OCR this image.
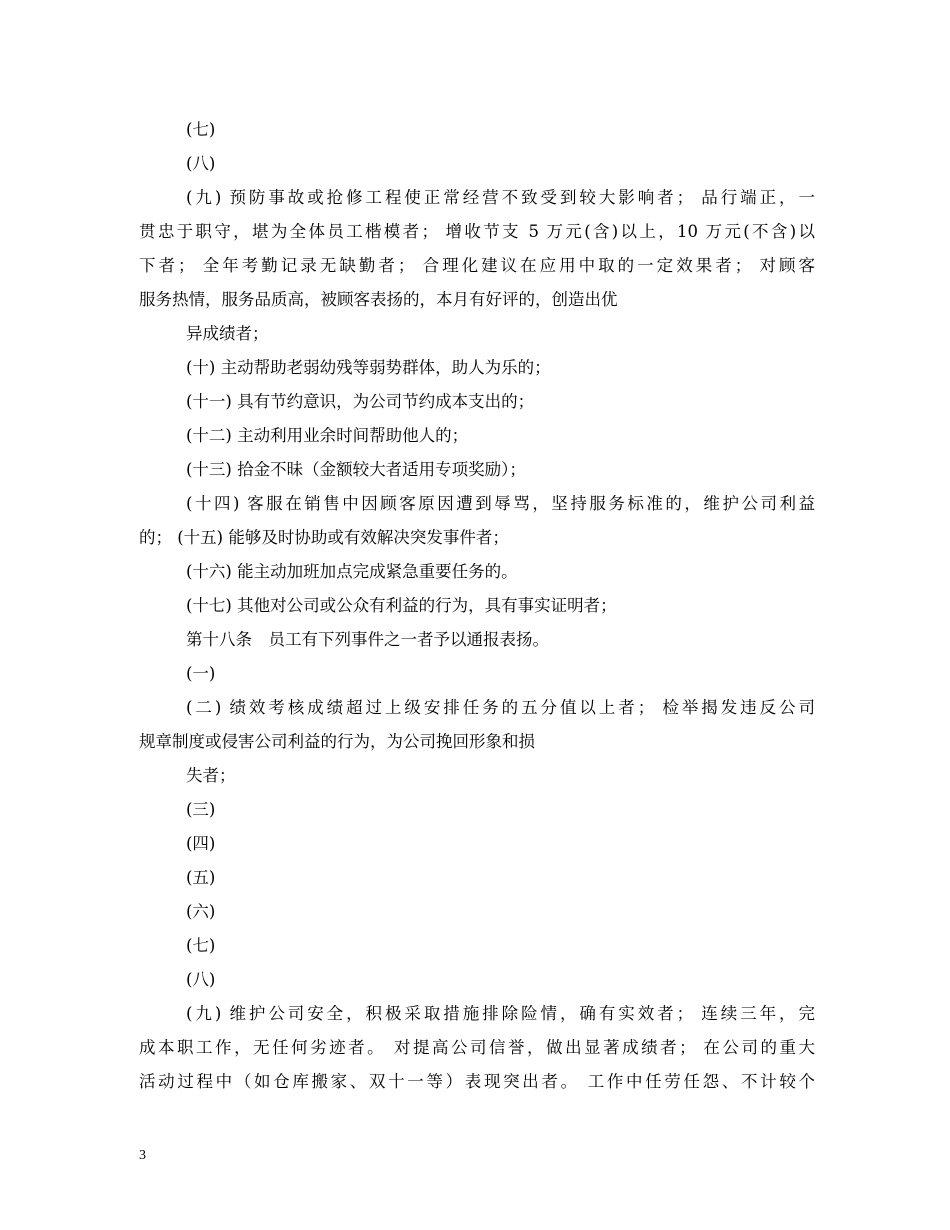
(七)
(八)
(九) 预防事故或抢修工程使正常经营不致受到较大影响者； 品行端正，一
贯忠于职守，堪为全体员工楷模者； 增收节支 5 万元(含)以上，10 万元(不含)以
下者； 全年考勤记录无缺勤者； 合理化建议在应用中取的一定效果者； 对顾客
服务热情，服务品质高，被顾客表扬的，本月有好评的，创造出优
异成绩者；
(十) 主动帮助老弱幼残等弱势群体，助人为乐的；
(十一) 具有节约意识，为公司节约成本支出的；
(十二) 主动利用业余时间帮助他人的；
(十三) 拾金不昧（金额较大者适用专项奖励）；
(十四) 客服在销售中因顾客原因遭到辱骂，坚持服务标准的，维护公司利益
的； (十五) 能够及时协助或有效解决突发事件者；
(十六) 能主动加班加点完成紧急重要任务的。
(十七) 其他对公司或公众有利益的行为，具有事实证明者；
第十八条　员工有下列事件之一者予以通报表扬。
(一)
(二) 绩效考核成绩超过上级安排任务的五分值以上者； 检举揭发违反公司
规章制度或侵害公司利益的行为，为公司挽回形象和损
失者；
(三)
(四)
(五)
(六)
(七)
(八)
(九) 维护公司安全，积极采取措施排除险情，确有实效者； 连续三年，完
成本职工作，无任何劣迹者。 对提高公司信誉，做出显著成绩者； 在公司的重大
活动过程中（如仓库搬家、双十一等）表现突出者。 工作中任劳任怨、不计较个
3
